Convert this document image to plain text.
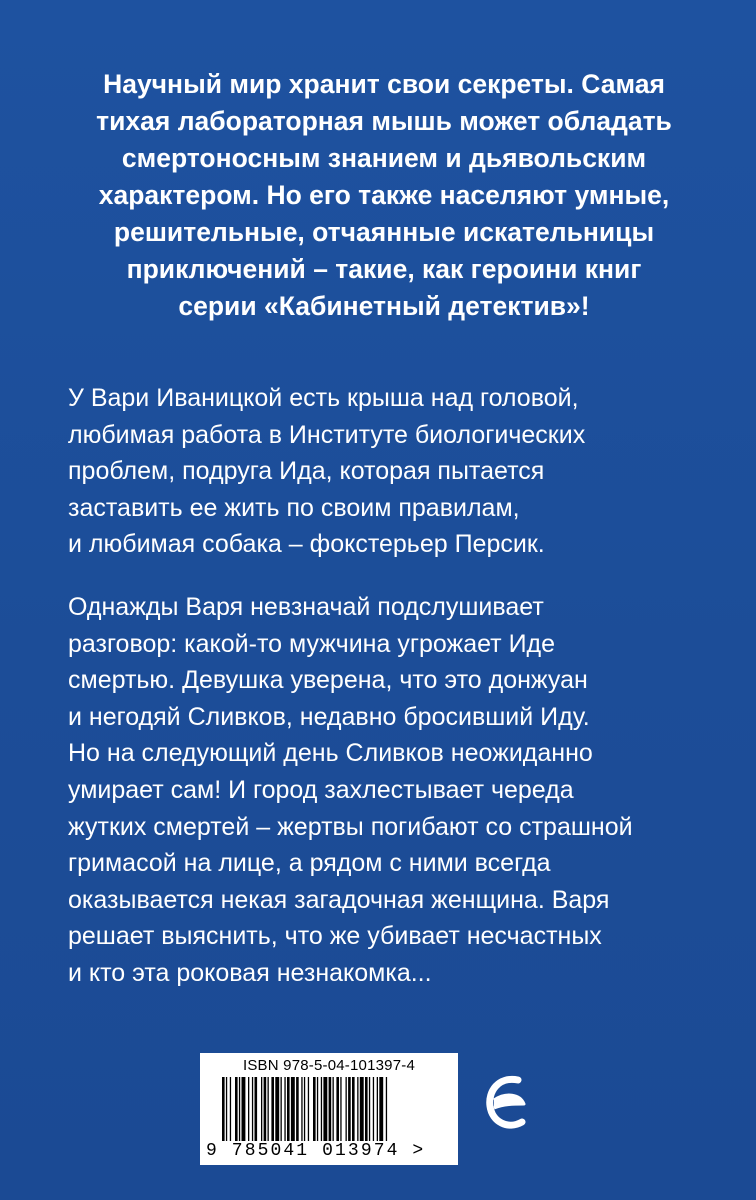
Научный мир хранит свои секреты. Самая
тихая лабораторная мышь может обладать
смертоносным знанием и дьявольским
характером. Но его также населяют умные,
решительные, отчаянные искательницы
приключений – такие, как героини книг
серии «Кабинетный детектив»!
У Вари Иваницкой есть крыша над головой,
любимая работа в Институте биологических
проблем, подруга Ида, которая пытается
заставить ее жить по своим правилам,
и любимая собака – фокстерьер Персик.
Однажды Варя невзначай подслушивает
разговор: какой-то мужчина угрожает Иде
смертью. Девушка уверена, что это донжуан
и негодяй Сливков, недавно бросивший Иду.
Но на следующий день Сливков неожиданно
умирает сам! И город захлестывает череда
жутких смертей – жертвы погибают со страшной
гримасой на лице, а рядом с ними всегда
оказывается некая загадочная женщина. Варя
решает выяснить, что же убивает несчастных
и кто эта роковая незнакомка...
ISBN 978-5-04-101397-4
9 785041 013974 >
